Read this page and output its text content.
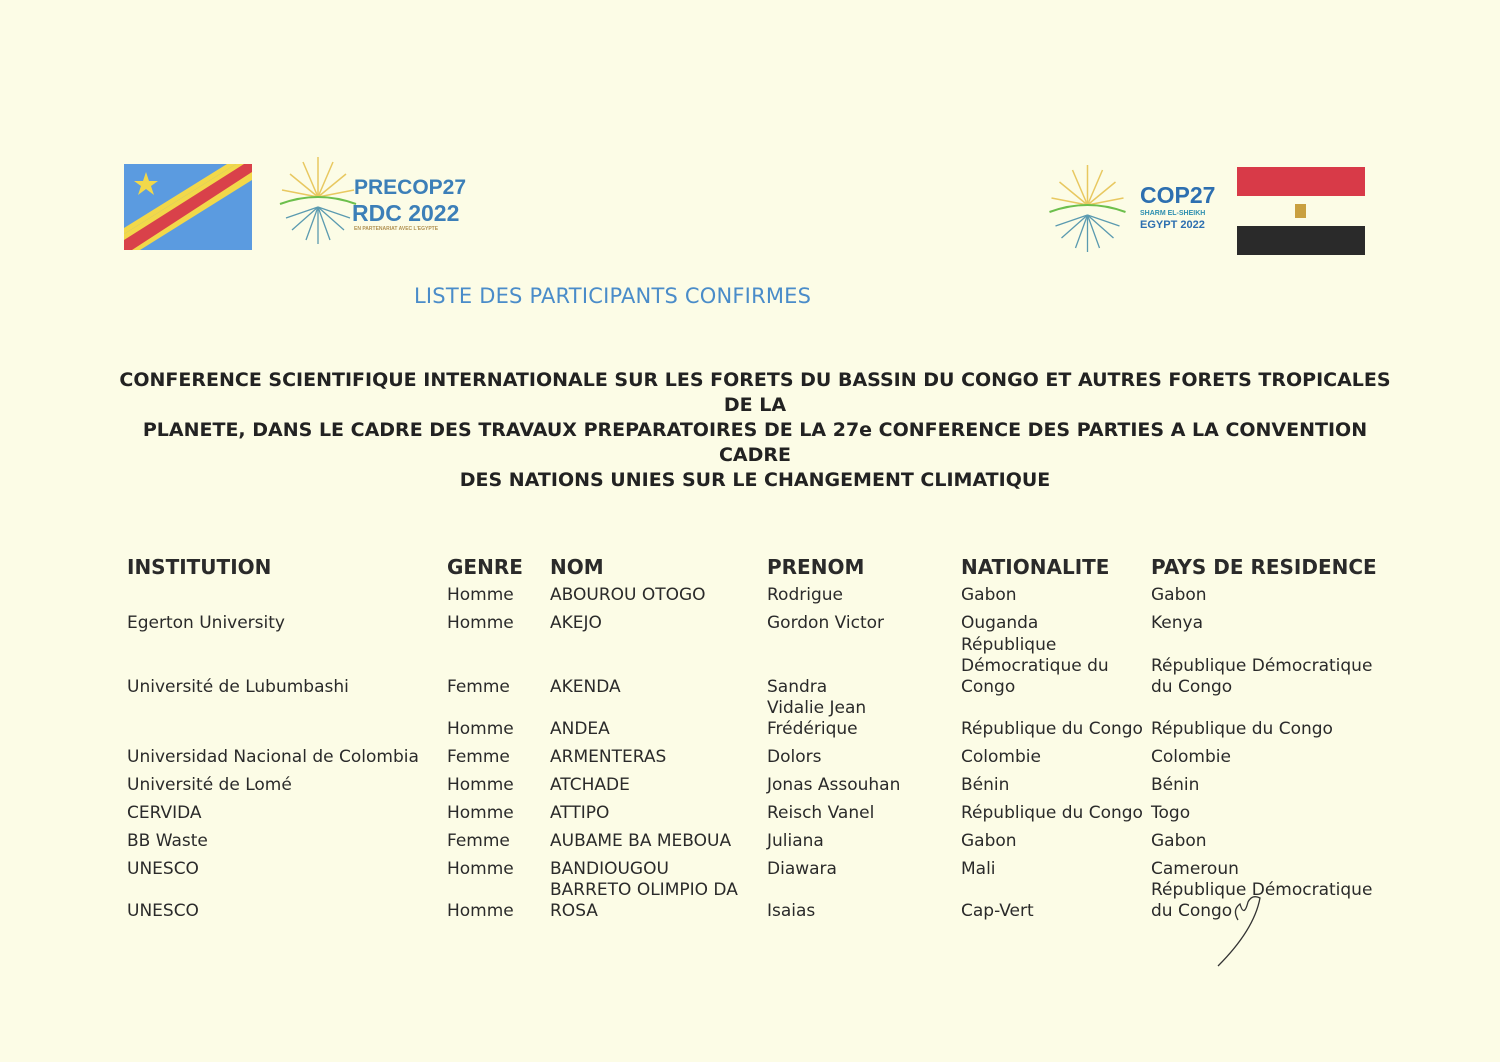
PRECOP27
RDC 2022
EN PARTENARIAT AVEC L'EGYPTE
COP27
SHARM EL-SHEIKH
EGYPT 2022
LISTE DES PARTICIPANTS CONFIRMES
CONFERENCE SCIENTIFIQUE INTERNATIONALE SUR LES FORETS DU BASSIN DU CONGO ET AUTRES FORETS TROPICALES DE LA
PLANETE, DANS LE CADRE DES TRAVAUX PREPARATOIRES DE LA 27e CONFERENCE DES PARTIES A LA CONVENTION CADRE
DES NATIONS UNIES SUR LE CHANGEMENT CLIMATIQUE
INSTITUTION	GENRE	NOM	PRENOM	NATIONALITE	PAYS DE RESIDENCE
	Homme	ABOUROU OTOGO	Rodrigue	Gabon	Gabon
Egerton University	Homme	AKEJO	Gordon Victor	Ouganda	Kenya
Université de Lubumbashi	Femme	AKENDA	Sandra	République Démocratique du Congo	République Démocratique du Congo
	Homme	ANDEA	Vidalie Jean Frédérique	République du Congo	République du Congo
Universidad Nacional de Colombia	Femme	ARMENTERAS	Dolors	Colombie	Colombie
Université de Lomé	Homme	ATCHADE	Jonas Assouhan	Bénin	Bénin
CERVIDA	Homme	ATTIPO	Reisch Vanel	République du Congo	Togo
BB Waste	Femme	AUBAME BA MEBOUA	Juliana	Gabon	Gabon
UNESCO	Homme	BANDIOUGOU	Diawara	Mali	Cameroun
UNESCO	Homme	BARRETO OLIMPIO DA ROSA	Isaias	Cap-Vert	République Démocratique du Congo
